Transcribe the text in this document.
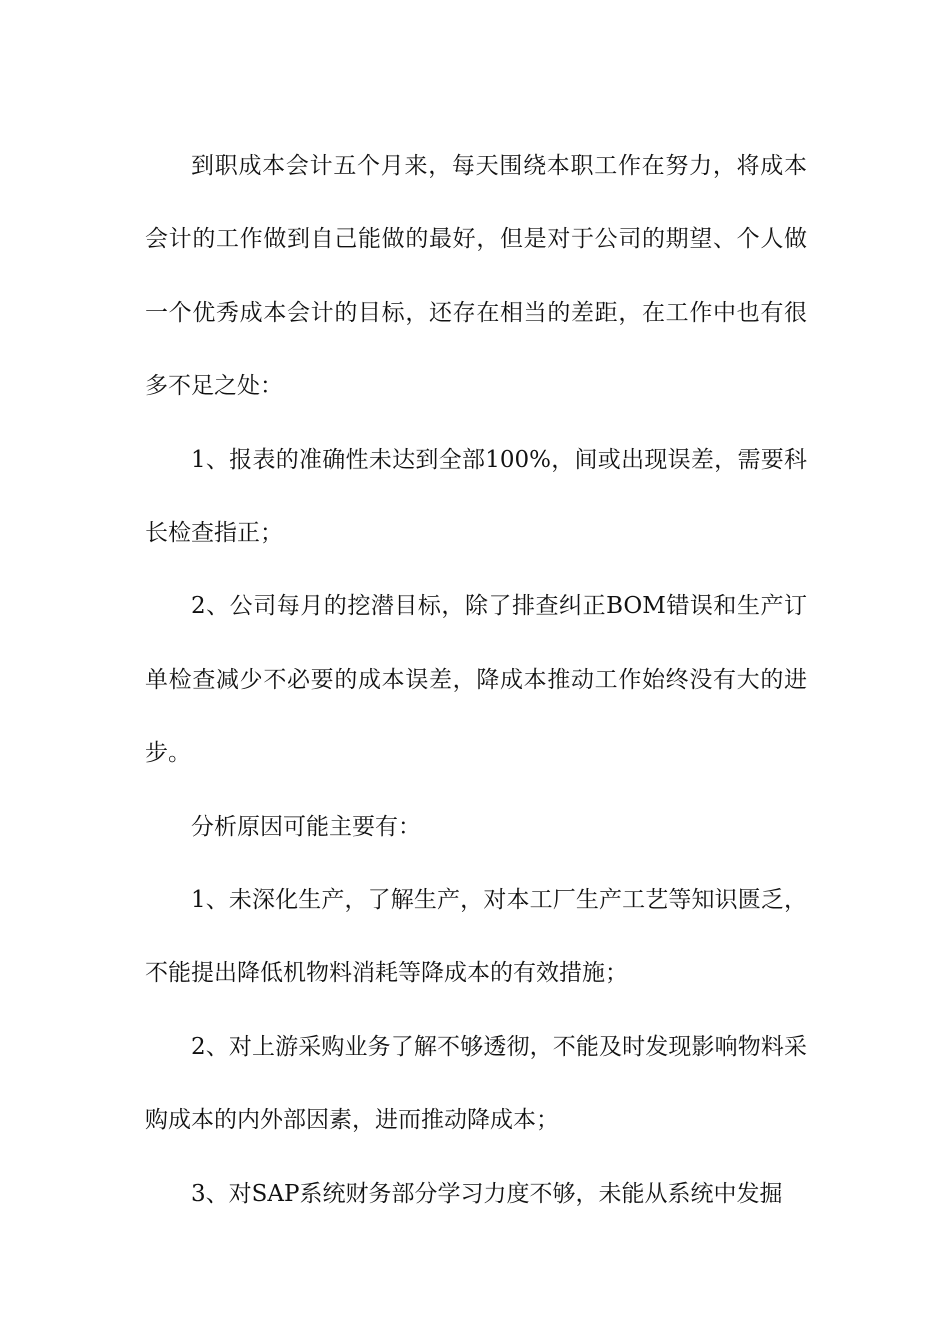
到职成本会计五个月来，每天围绕本职工作在努力，将成本会计的工作做到自己能做的最好，但是对于公司的期望、个人做一个优秀成本会计的目标，还存在相当的差距，在工作中也有很多不足之处：

1、报表的准确性未达到全部100%，间或出现误差，需要科长检查指正；

2、公司每月的挖潜目标，除了排查纠正BOM错误和生产订单检查减少不必要的成本误差，降成本推动工作始终没有大的进步。

分析原因可能主要有：

1、未深化生产，了解生产，对本工厂生产工艺等知识匮乏，不能提出降低机物料消耗等降成本的有效措施；

2、对上游采购业务了解不够透彻，不能及时发现影响物料采购成本的内外部因素，进而推动降成本；

3、对SAP系统财务部分学习力度不够，未能从系统中发掘
